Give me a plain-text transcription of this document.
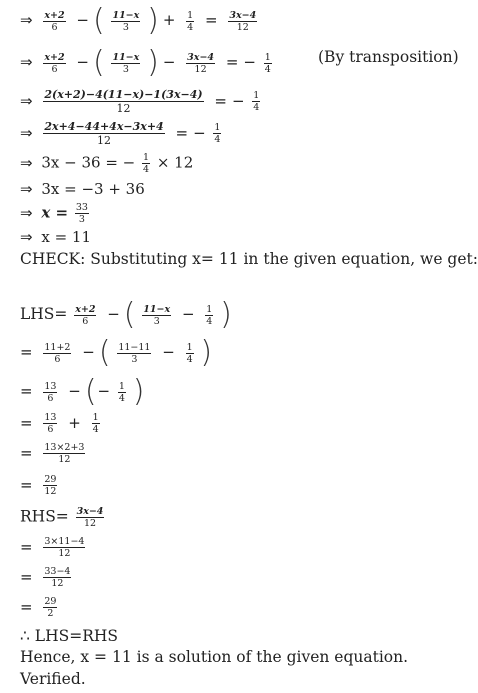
⇒ $\frac{x+2}{6}$ − ( $\frac{11-x}{3}$ ) + $\frac{1}{4} = \frac{3x-4}{12}$
⇒ $\frac{x+2}{6}$ − ( $\frac{11-x}{3}$ ) − $\frac{3x-4}{12}$ = − $\frac{1}{4}$	(By transposition)
⇒ $\frac{2(x+2)-4(11-x)-1(3x-4)}{12}$ = − $\frac{1}{4}$
⇒ $\frac{2x+4-44+4x-3x+4}{12}$ = − $\frac{1}{4}$
⇒ 3x − 36 = − $\frac{1}{4} \times 12$
⇒ 3x = −3 + 36
⇒ $x = \frac{33}{3}$
⇒ x = 11
CHECK: Substituting x= 11 in the given equation, we get:
$LHS= \frac{x+2}{6}$ − ( $\frac{11-x}{3} - \frac{1}{4}$ )
= $\frac{11+2}{6}$ − ( $\frac{11-11}{3} - \frac{1}{4}$ )
= $\frac{13}{6}$ − (− $\frac{1}{4}$ )
= $\frac{13}{6} + \frac{1}{4}$
= $\frac{13\times 2+3}{12}$
= $\frac{29}{12}$
$RHS= \frac{3x-4}{12}$
= $\frac{3\times 11-4}{12}$
= $\frac{33-4}{12}$
= $\frac{29}{2}$
∴ LHS=RHS
Hence, x = 11 is a solution of the given equation.
Verified.
